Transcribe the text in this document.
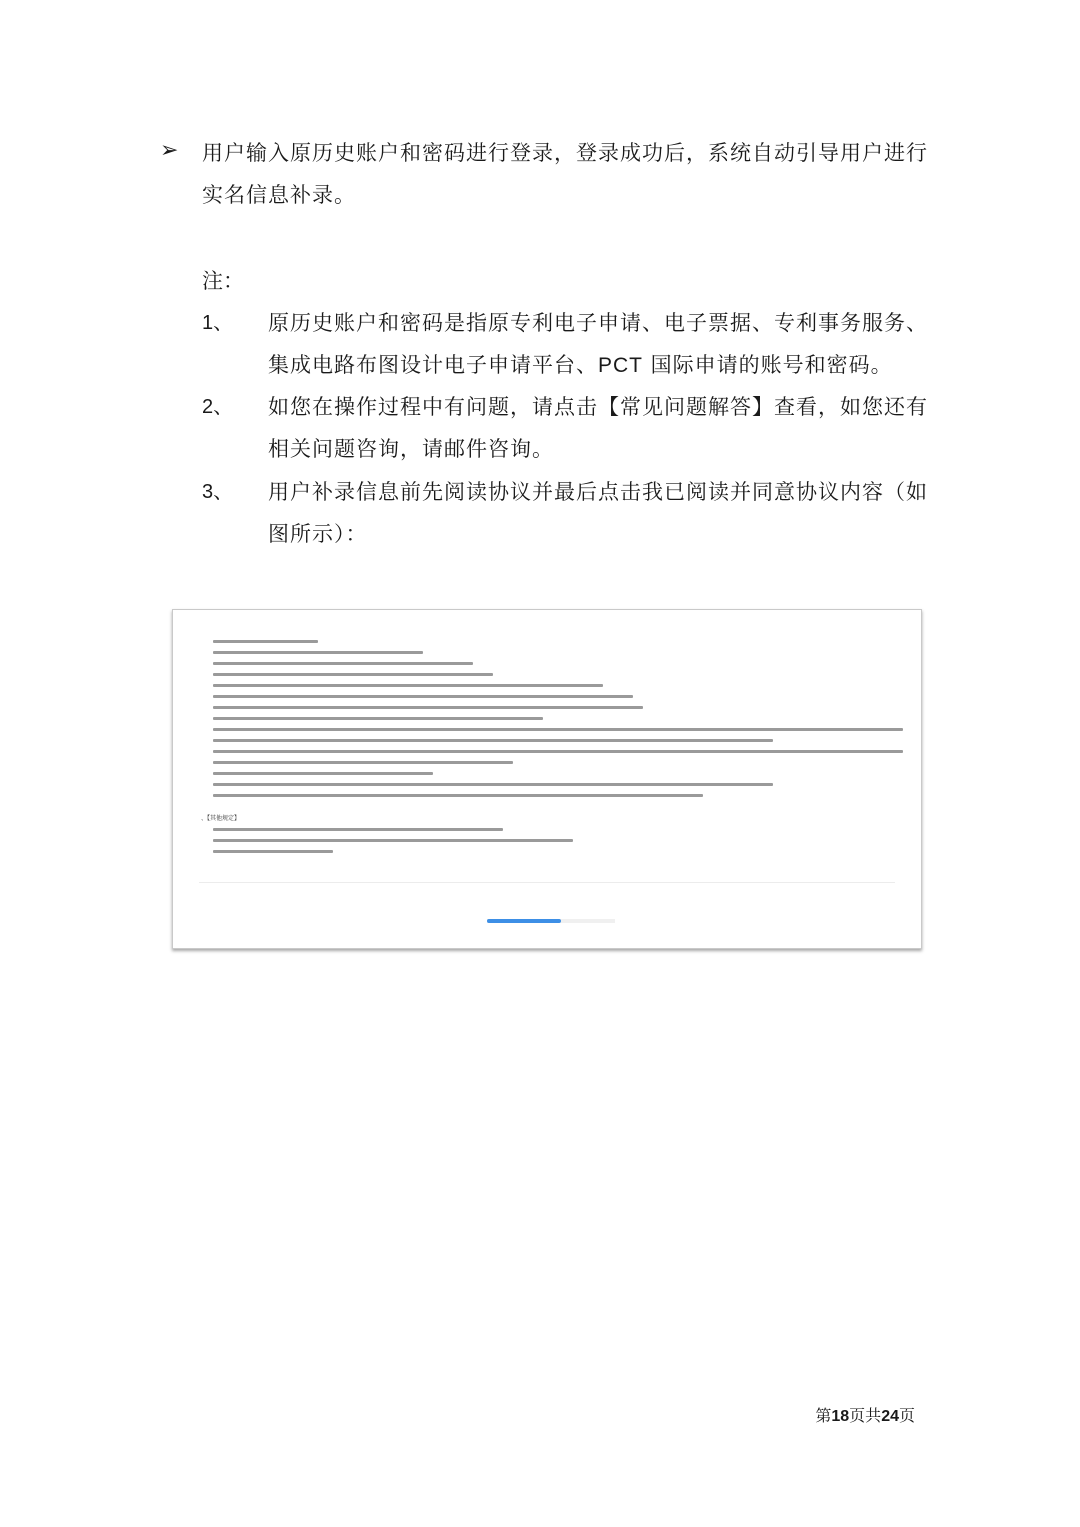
➢ 用户输入原历史账户和密码进行登录，登录成功后，系统自动引导用户进行实名信息补录。
注：
1、 原历史账户和密码是指原专利电子申请、电子票据、专利事务服务、集成电路布图设计电子申请平台、PCT 国际申请的账号和密码。
2、 如您在操作过程中有问题，请点击【常见问题解答】查看，如您还有相关问题咨询，请邮件咨询。
3、 用户补录信息前先阅读协议并最后点击我已阅读并同意协议内容（如图所示）：
、【其他规定】
第18页共24页
